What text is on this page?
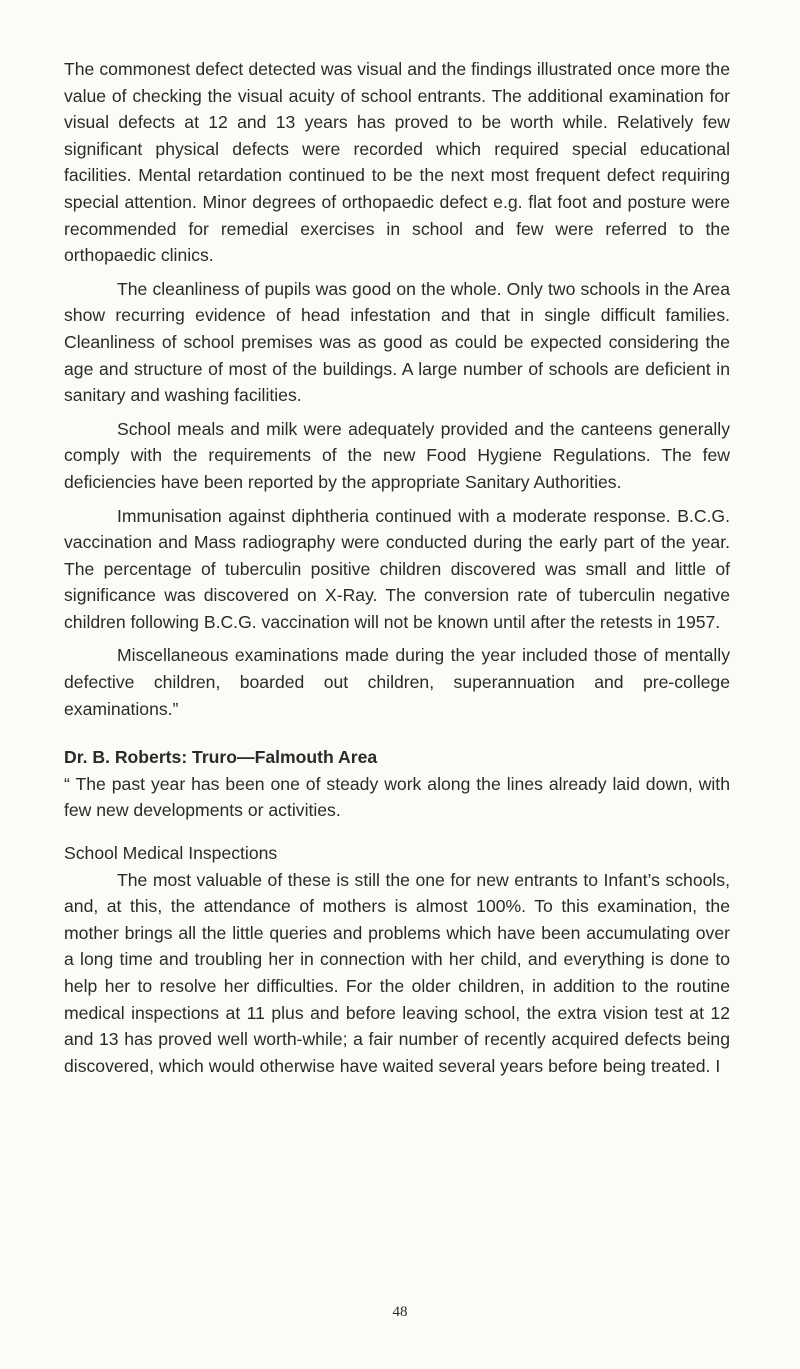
The commonest defect detected was visual and the findings illustrated once more the value of checking the visual acuity of school entrants. The additional examination for visual defects at 12 and 13 years has proved to be worth while. Relatively few significant physical defects were recorded which required special educational facilities. Mental retardation continued to be the next most frequent defect requiring special attention. Minor degrees of orthopaedic defect e.g. flat foot and posture were recommended for remedial exercises in school and few were referred to the orthopaedic clinics.

The cleanliness of pupils was good on the whole. Only two schools in the Area show recurring evidence of head infestation and that in single difficult families. Cleanliness of school premises was as good as could be expected considering the age and structure of most of the buildings. A large number of schools are deficient in sanitary and washing facilities.

School meals and milk were adequately provided and the canteens generally comply with the requirements of the new Food Hygiene Regulations. The few deficiencies have been reported by the appropriate Sanitary Authorities.

Immunisation against diphtheria continued with a moderate response. B.C.G. vaccination and Mass radiography were conducted during the early part of the year. The percentage of tuberculin positive children discovered was small and little of significance was discovered on X-Ray. The conversion rate of tuberculin negative children following B.C.G. vaccination will not be known until after the retests in 1957.

Miscellaneous examinations made during the year included those of mentally defective children, boarded out children, superannuation and pre-college examinations.”

Dr. B. Roberts: Truro—Falmouth Area

“ The past year has been one of steady work along the lines already laid down, with few new developments or activities.

School Medical Inspections

The most valuable of these is still the one for new entrants to Infant’s schools, and, at this, the attendance of mothers is almost 100%. To this examination, the mother brings all the little queries and problems which have been accumulating over a long time and troubling her in connection with her child, and everything is done to help her to resolve her difficulties. For the older children, in addition to the routine medical inspections at 11 plus and before leaving school, the extra vision test at 12 and 13 has proved well worth-while; a fair number of recently acquired defects being discovered, which would otherwise have waited several years before being treated. I

48
